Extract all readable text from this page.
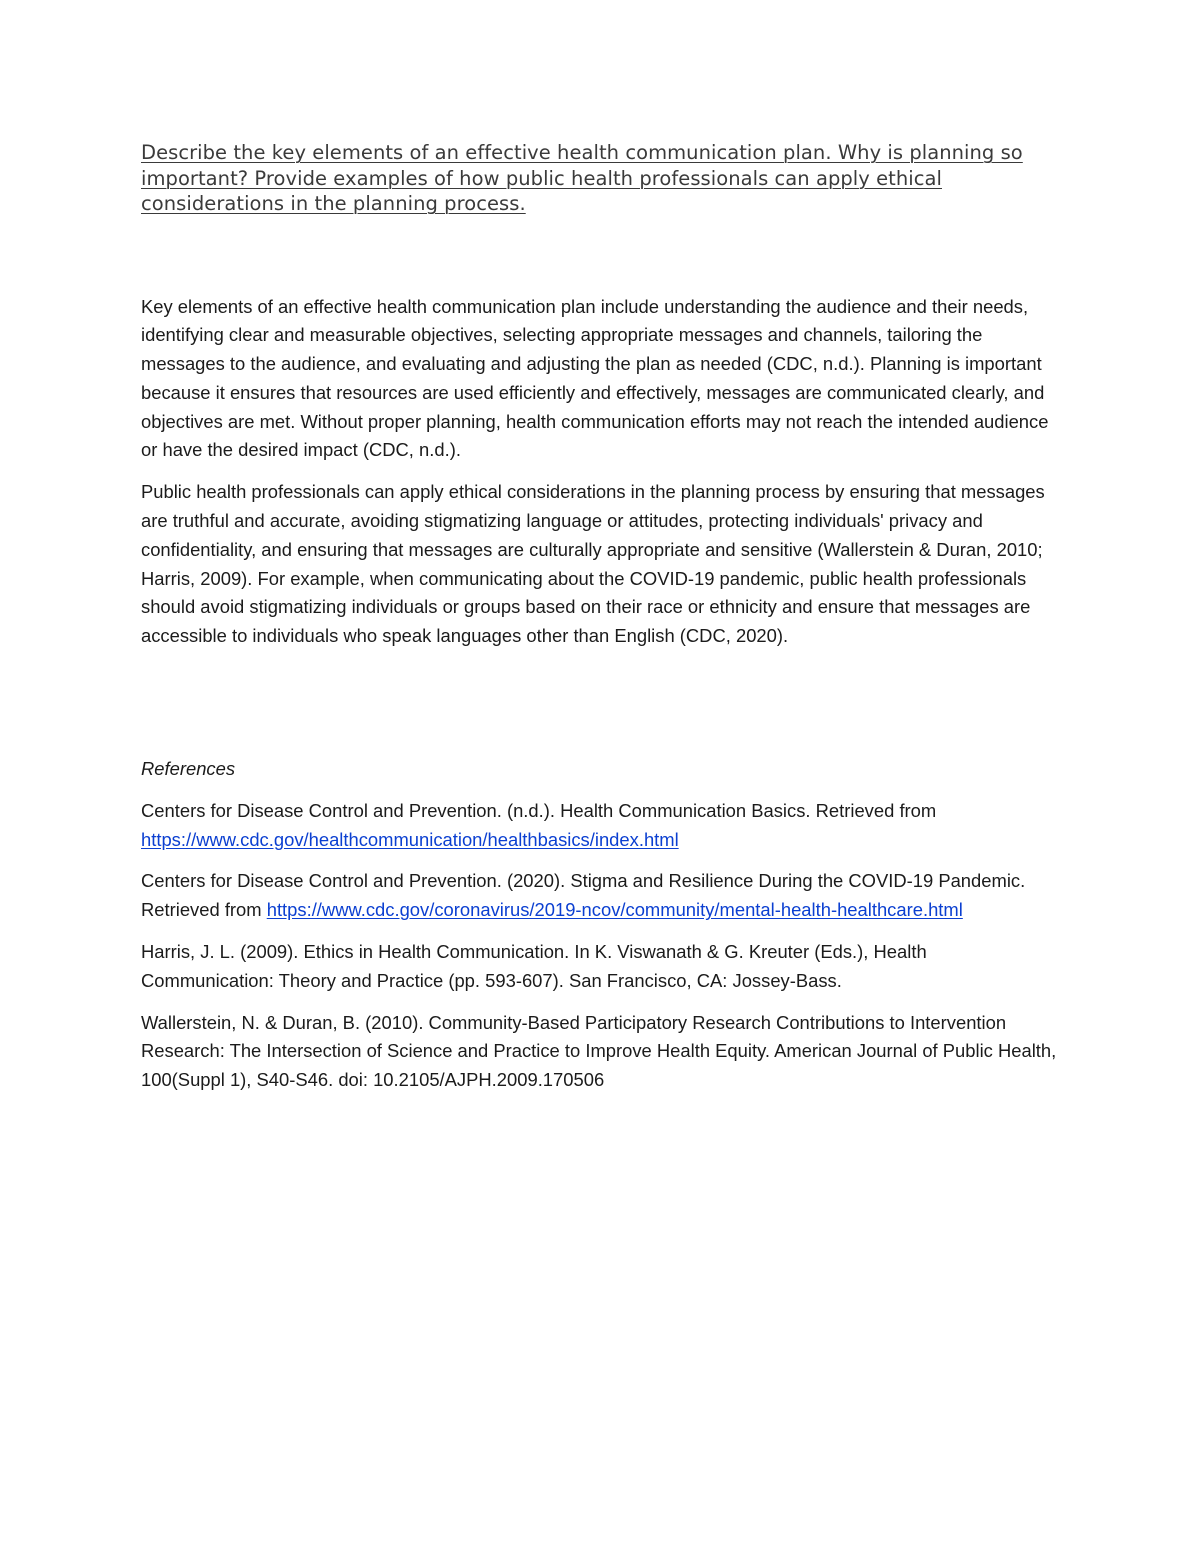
Describe the key elements of an effective health communication plan. Why is planning so important? Provide examples of how public health professionals can apply ethical considerations in the planning process.

Key elements of an effective health communication plan include understanding the audience and their needs, identifying clear and measurable objectives, selecting appropriate messages and channels, tailoring the messages to the audience, and evaluating and adjusting the plan as needed (CDC, n.d.). Planning is important because it ensures that resources are used efficiently and effectively, messages are communicated clearly, and objectives are met. Without proper planning, health communication efforts may not reach the intended audience or have the desired impact (CDC, n.d.).

Public health professionals can apply ethical considerations in the planning process by ensuring that messages are truthful and accurate, avoiding stigmatizing language or attitudes, protecting individuals' privacy and confidentiality, and ensuring that messages are culturally appropriate and sensitive (Wallerstein & Duran, 2010; Harris, 2009). For example, when communicating about the COVID-19 pandemic, public health professionals should avoid stigmatizing individuals or groups based on their race or ethnicity and ensure that messages are accessible to individuals who speak languages other than English (CDC, 2020).

References

Centers for Disease Control and Prevention. (n.d.). Health Communication Basics. Retrieved from https://www.cdc.gov/healthcommunication/healthbasics/index.html

Centers for Disease Control and Prevention. (2020). Stigma and Resilience During the COVID-19 Pandemic. Retrieved from https://www.cdc.gov/coronavirus/2019-ncov/community/mental-health-healthcare.html

Harris, J. L. (2009). Ethics in Health Communication. In K. Viswanath & G. Kreuter (Eds.), Health Communication: Theory and Practice (pp. 593-607). San Francisco, CA: Jossey-Bass.

Wallerstein, N. & Duran, B. (2010). Community-Based Participatory Research Contributions to Intervention Research: The Intersection of Science and Practice to Improve Health Equity. American Journal of Public Health, 100(Suppl 1), S40-S46. doi: 10.2105/AJPH.2009.170506
